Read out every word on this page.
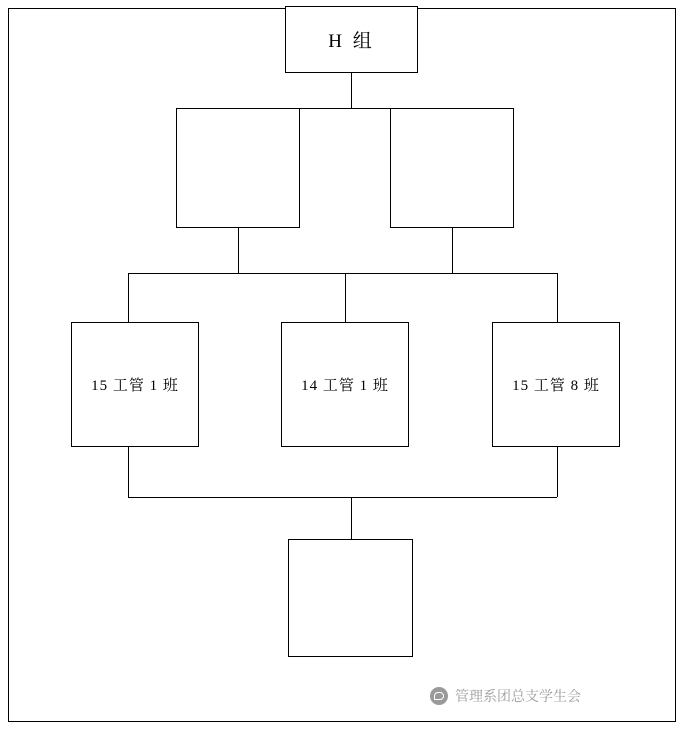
H 组
15 工管 1 班	14 工管 1 班	15 工管 8 班
管理系团总支学生会
